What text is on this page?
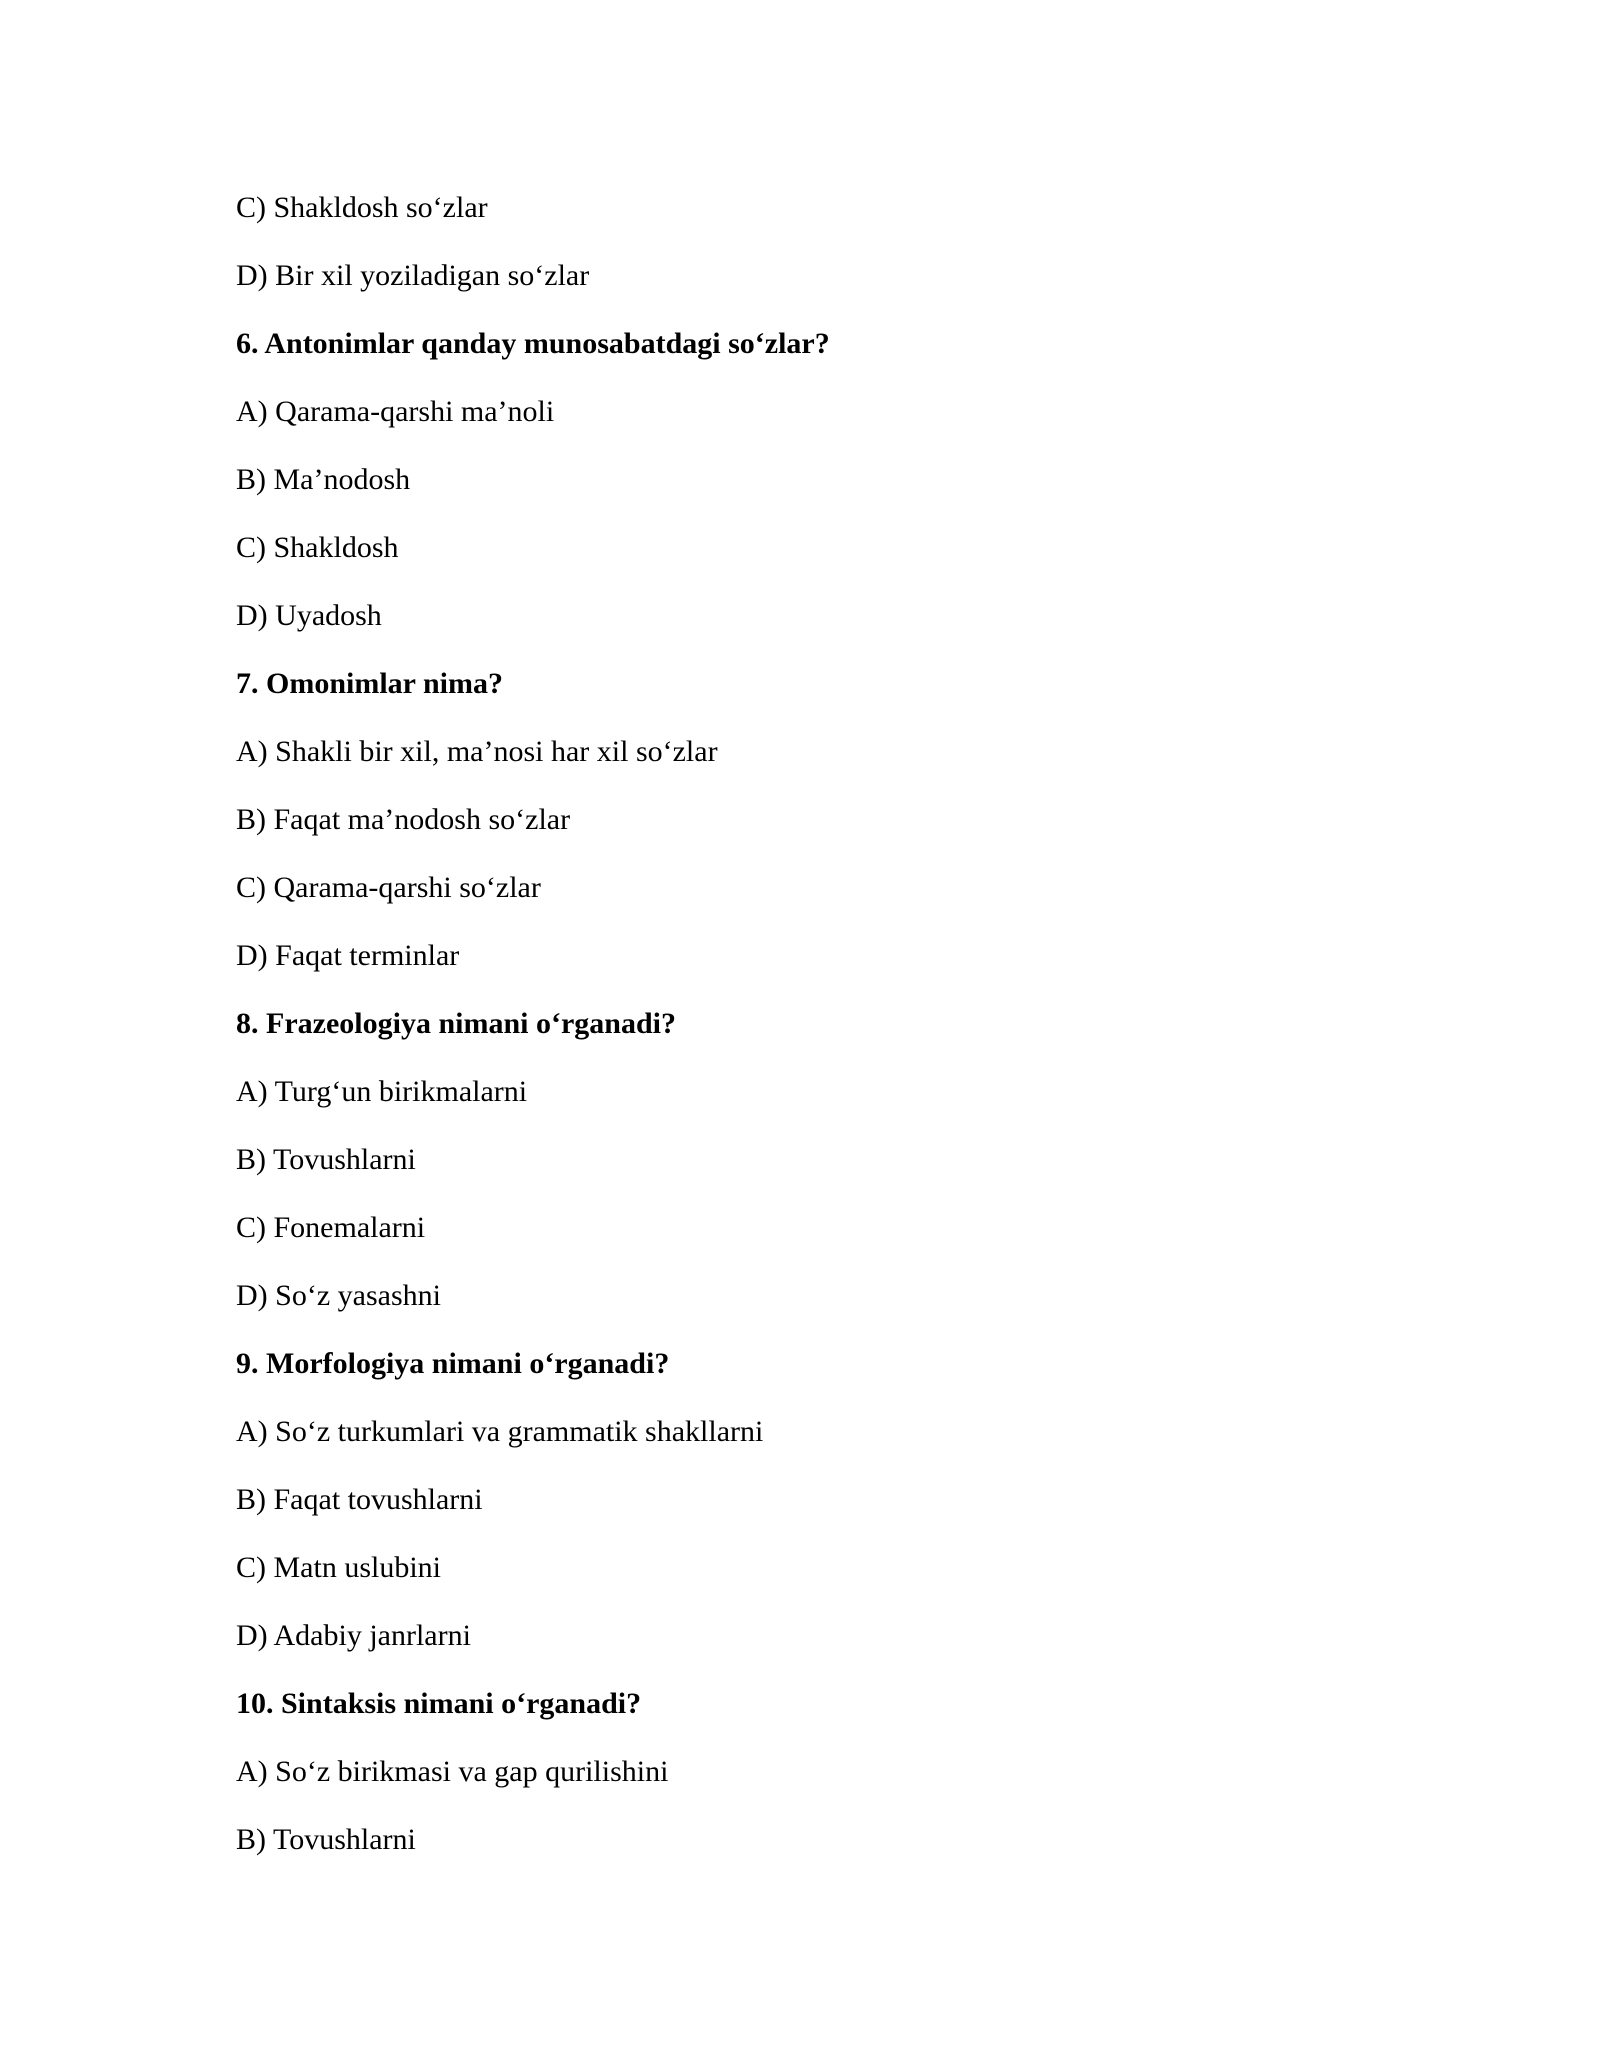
C) Shakldosh so‘zlar
D) Bir xil yoziladigan so‘zlar
6. Antonimlar qanday munosabatdagi so‘zlar?
A) Qarama-qarshi ma’noli
B) Ma’nodosh
C) Shakldosh
D) Uyadosh
7. Omonimlar nima?
A) Shakli bir xil, ma’nosi har xil so‘zlar
B) Faqat ma’nodosh so‘zlar
C) Qarama-qarshi so‘zlar
D) Faqat terminlar
8. Frazeologiya nimani o‘rganadi?
A) Turg‘un birikmalarni
B) Tovushlarni
C) Fonemalarni
D) So‘z yasashni
9. Morfologiya nimani o‘rganadi?
A) So‘z turkumlari va grammatik shakllarni
B) Faqat tovushlarni
C) Matn uslubini
D) Adabiy janrlarni
10. Sintaksis nimani o‘rganadi?
A) So‘z birikmasi va gap qurilishini
B) Tovushlarni
